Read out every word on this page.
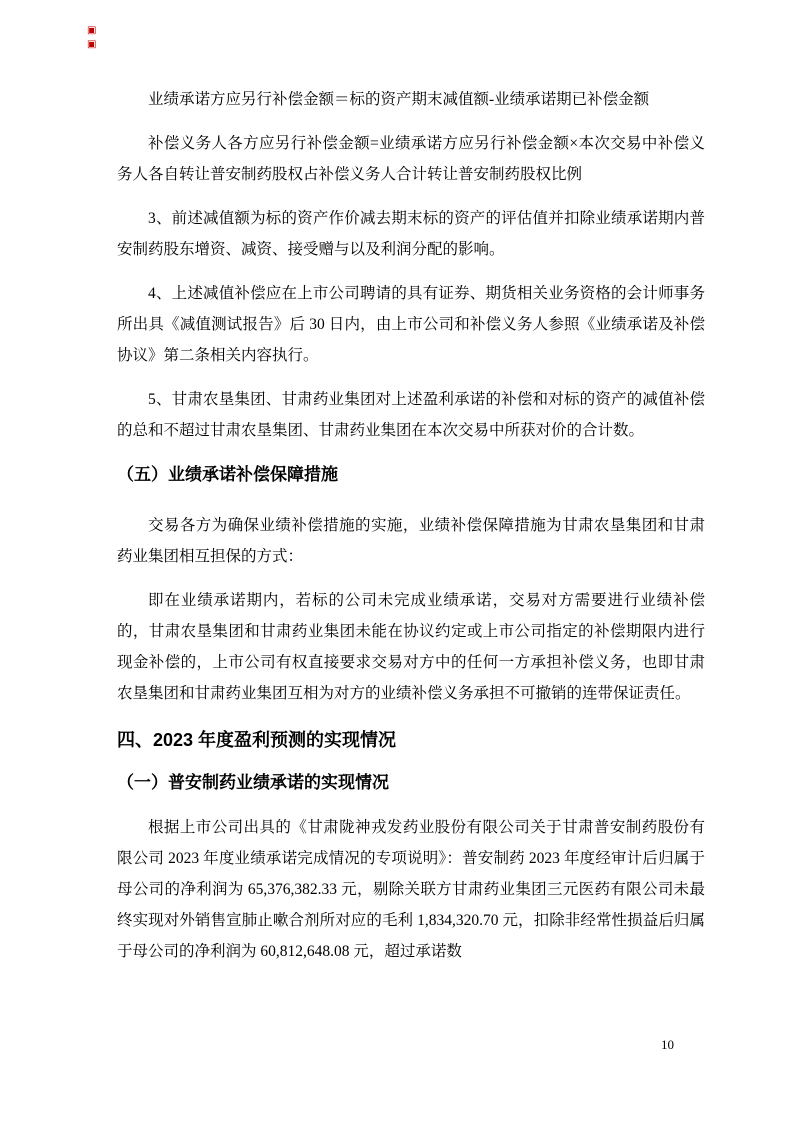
▣
▣

业绩承诺方应另行补偿金额＝标的资产期末减值额-业绩承诺期已补偿金额

补偿义务人各方应另行补偿金额=业绩承诺方应另行补偿金额×本次交易中补偿义务人各自转让普安制药股权占补偿义务人合计转让普安制药股权比例

3、前述减值额为标的资产作价减去期末标的资产的评估值并扣除业绩承诺期内普安制药股东增资、减资、接受赠与以及利润分配的影响。

4、上述减值补偿应在上市公司聘请的具有证券、期货相关业务资格的会计师事务所出具《减值测试报告》后 30 日内，由上市公司和补偿义务人参照《业绩承诺及补偿协议》第二条相关内容执行。

5、甘肃农垦集团、甘肃药业集团对上述盈利承诺的补偿和对标的资产的减值补偿的总和不超过甘肃农垦集团、甘肃药业集团在本次交易中所获对价的合计数。

（五）业绩承诺补偿保障措施

交易各方为确保业绩补偿措施的实施，业绩补偿保障措施为甘肃农垦集团和甘肃药业集团相互担保的方式：

即在业绩承诺期内，若标的公司未完成业绩承诺，交易对方需要进行业绩补偿的，甘肃农垦集团和甘肃药业集团未能在协议约定或上市公司指定的补偿期限内进行现金补偿的，上市公司有权直接要求交易对方中的任何一方承担补偿义务，也即甘肃农垦集团和甘肃药业集团互相为对方的业绩补偿义务承担不可撤销的连带保证责任。

四、2023 年度盈利预测的实现情况
（一）普安制药业绩承诺的实现情况

根据上市公司出具的《甘肃陇神戎发药业股份有限公司关于甘肃普安制药股份有限公司 2023 年度业绩承诺完成情况的专项说明》：普安制药 2023 年度经审计后归属于母公司的净利润为 65,376,382.33 元，剔除关联方甘肃药业集团三元医药有限公司未最终实现对外销售宣肺止嗽合剂所对应的毛利 1,834,320.70 元，扣除非经常性损益后归属于母公司的净利润为 60,812,648.08 元，超过承诺数

10
